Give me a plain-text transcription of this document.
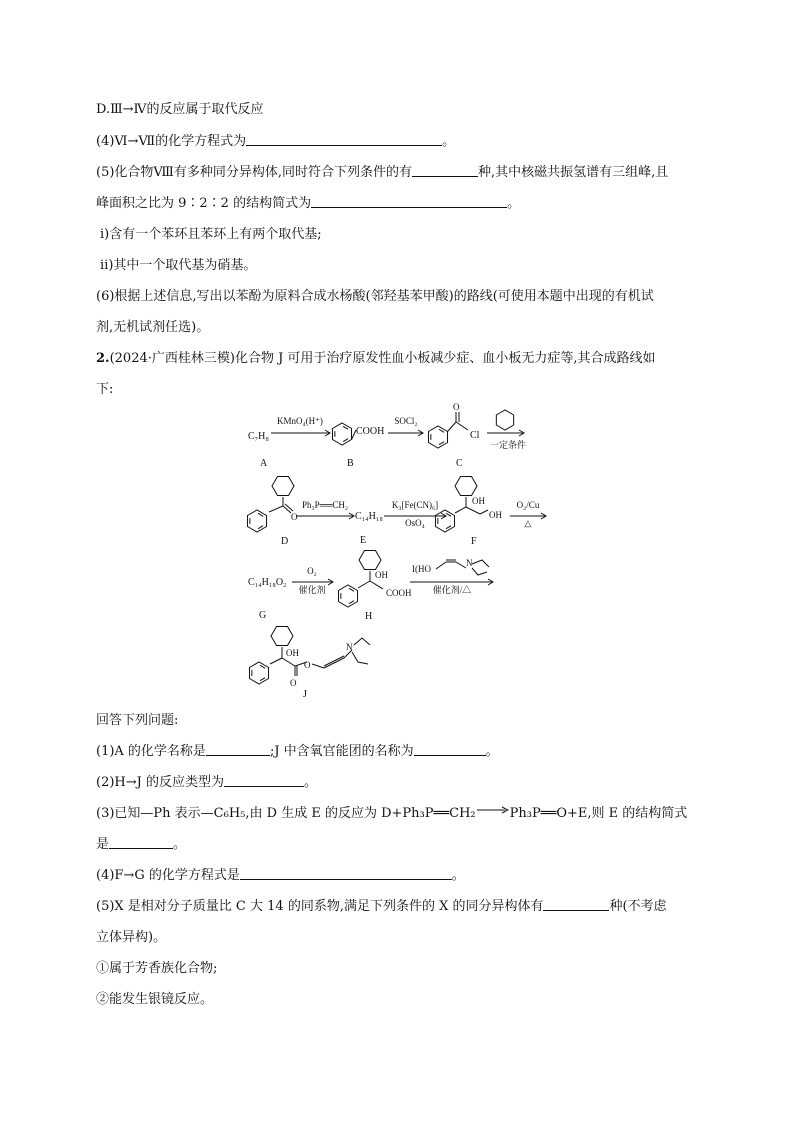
D.Ⅲ→Ⅳ的反应属于取代反应
(4)Ⅵ→Ⅶ的化学方程式为	。
(5)化合物Ⅷ有多种同分异构体,同时符合下列条件的有	种,其中核磁共振氢谱有三组峰,且
峰面积之比为 9∶2∶2 的结构简式为	。
ⅰ)含有一个苯环且苯环上有两个取代基;
ⅱ)其中一个取代基为硝基。
(6)根据上述信息,写出以苯酚为原料合成水杨酸(邻羟基苯甲酸)的路线(可使用本题中出现的有机试
剂,无机试剂任选)。
2.(2024·广西桂林三模)化合物 J 可用于治疗原发性血小板减少症、血小板无力症等,其合成路线如
下:
回答下列问题:
(1)A 的化学名称是	;J 中含氧官能团的名称为	。
(2)H→J 的反应类型为	。
(3)已知—Ph 表示—C₆H₅,由 D 生成 E 的反应为 D+Ph₃P══CH₂→Ph₃P══O+E,则 E 的结构简式
是	。
(4)F→G 的化学方程式是	。
(5)X 是相对分子质量比 C 大 14 的同系物,满足下列条件的 X 的同分异构体有	种(不考虑
立体异构)。
①属于芳香族化合物;
②能发生银镜反应。
C₇H₈
A
KMnO₄(H⁺)
COOH
B
SOCl₂
O
Cl
C
一定条件
O
D
Ph₃P══CH₂
C₁₄H₁₈
E
K₃[Fe(CN)₆]
OsO₄
OH
OH
F
O₂/Cu
△
C₁₄H₁₈O₂
G
O₂
催化剂
OH
COOH
H
I(HO
N
催化剂/△
OH
O
O
N
J
